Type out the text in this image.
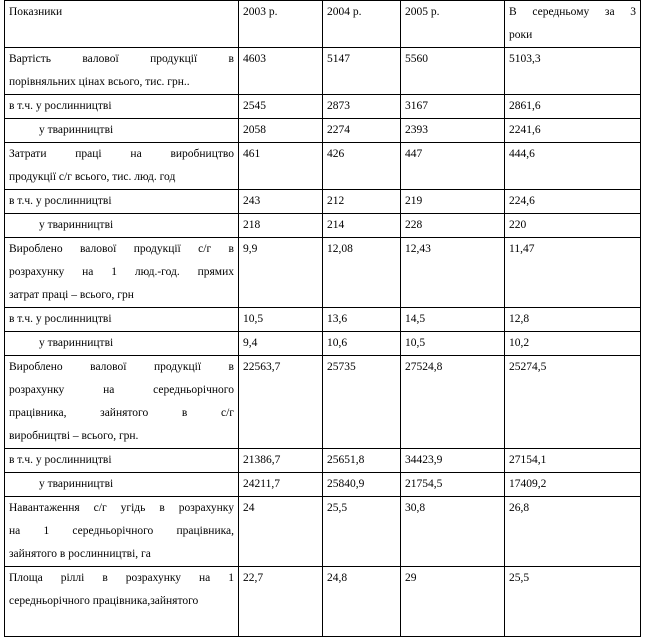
Показники	2003 р.	2004 р.	2005 р.	В середньому за 3
роки

Вартість валової продукції в
порівняльних цінах всього, тис. грн..	4603	5147	5560	5103,3
в т.ч. у рослинництві	2545	2873	3167	2861,6
у тваринництві	2058	2274	2393	2241,6

Затрати праці на виробництво
продукції с/г всього, тис. люд. год	461	426	447	444,6
в т.ч. у рослинництві	243	212	219	224,6
у тваринництві	218	214	228	220

Вироблено валової продукції с/г в
розрахунку на 1 люд.-год. прямих
затрат праці – всього, грн	9,9	12,08	12,43	11,47
в т.ч. у рослинництві	10,5	13,6	14,5	12,8
у тваринництві	9,4	10,6	10,5	10,2

Вироблено валової продукції в
розрахунку на середньорічного
працівника, зайнятого в с/г
виробництві – всього, грн.	22563,7	25735	27524,8	25274,5
в т.ч. у рослинництві	21386,7	25651,8	34423,9	27154,1
у тваринництві	24211,7	25840,9	21754,5	17409,2

Навантаження с/г угідь в розрахунку
на 1 середньорічного працівника,
зайнятого в рослинництві, га	24	25,5	30,8	26,8

Площа ріллі в розрахунку на 1
середньорічного працівника,зайнятого	22,7	24,8	29	25,5
